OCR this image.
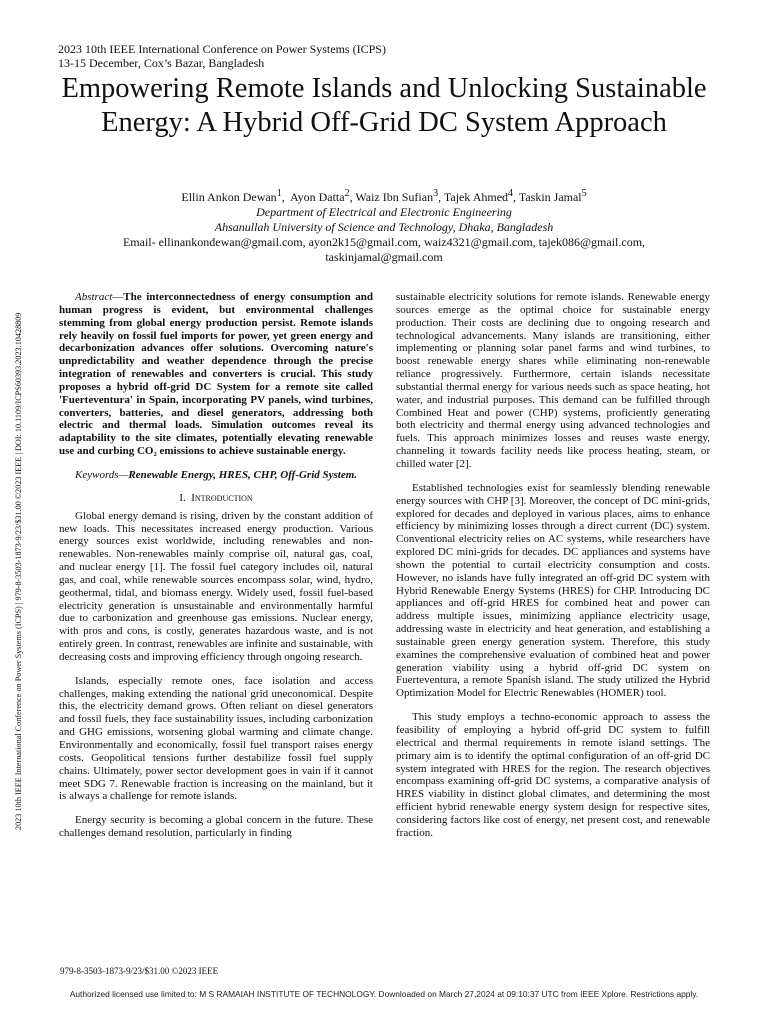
2023 10th IEEE International Conference on Power Systems (ICPS)
13-15 December, Cox’s Bazar, Bangladesh
Empowering Remote Islands and Unlocking Sustainable Energy: A Hybrid Off-Grid DC System Approach
Ellin Ankon Dewan$^1$,  Ayon Datta$^2$, Waiz Ibn Sufian$^3$, Tajek Ahmed$^4$, Taskin Jamal$^5$
Department of Electrical and Electronic Engineering
Ahsanullah University of Science and Technology, Dhaka, Bangladesh
Email- ellinankondewan@gmail.com, ayon2k15@gmail.com, waiz4321@gmail.com, tajek086@gmail.com,
taskinjamal@gmail.com
2023 10th IEEE International Conference on Power Systems (ICPS) | 979-8-3503-1873-9/23/$31.00 ©2023 IEEE | DOI: 10.1109/ICPS60393.2023.10428809

Abstract—The interconnectedness of energy consumption and human progress is evident, but environmental challenges stemming from global energy production persist. Remote islands rely heavily on fossil fuel imports for power, yet green energy and decarbonization advances offer solutions. Overcoming nature's unpredictability and weather dependence through the precise integration of renewables and converters is crucial. This study proposes a hybrid off-grid DC System for a remote site called 'Fuerteventura' in Spain, incorporating PV panels, wind turbines, converters, batteries, and diesel generators, addressing both electric and thermal loads. Simulation outcomes reveal its adaptability to the site climates, potentially elevating renewable use and curbing CO₂ emissions to achieve sustainable energy.

Keywords—Renewable Energy, HRES, CHP, Off-Grid System.

I. Introduction

Global energy demand is rising, driven by the constant addition of new loads. This necessitates increased energy production. Various energy sources exist worldwide, including renewables and non-renewables. Non-renewables mainly comprise oil, natural gas, coal, and nuclear energy [1]. The fossil fuel category includes oil, natural gas, and coal, while renewable sources encompass solar, wind, hydro, geothermal, tidal, and biomass energy. Widely used, fossil fuel-based electricity generation is unsustainable and environmentally harmful due to carbonization and greenhouse gas emissions. Nuclear energy, with pros and cons, is costly, generates hazardous waste, and is not entirely green. In contrast, renewables are infinite and sustainable, with decreasing costs and improving efficiency through ongoing research.

Islands, especially remote ones, face isolation and access challenges, making extending the national grid uneconomical. Despite this, the electricity demand grows. Often reliant on diesel generators and fossil fuels, they face sustainability issues, including carbonization and GHG emissions, worsening global warming and climate change. Environmentally and economically, fossil fuel transport raises energy costs. Geopolitical tensions further destabilize fossil fuel supply chains. Ultimately, power sector development goes in vain if it cannot meet SDG 7. Renewable fraction is increasing on the mainland, but it is always a challenge for remote islands.

Energy security is becoming a global concern in the future. These challenges demand resolution, particularly in finding

sustainable electricity solutions for remote islands. Renewable energy sources emerge as the optimal choice for sustainable energy production. Their costs are declining due to ongoing research and technological advancements. Many islands are transitioning, either implementing or planning solar panel farms and wind turbines, to boost renewable energy shares while eliminating non-renewable reliance progressively. Furthermore, certain islands necessitate substantial thermal energy for various needs such as space heating, hot water, and industrial purposes. This demand can be fulfilled through Combined Heat and power (CHP) systems, proficiently generating both electricity and thermal energy using advanced technologies and fuels. This approach minimizes losses and reuses waste energy, channeling it towards facility needs like process heating, steam, or chilled water [2].

Established technologies exist for seamlessly blending renewable energy sources with CHP [3]. Moreover, the concept of DC mini-grids, explored for decades and deployed in various places, aims to enhance efficiency by minimizing losses through a direct current (DC) system. Conventional electricity relies on AC systems, while researchers have explored DC mini-grids for decades. DC appliances and systems have shown the potential to curtail electricity consumption and costs. However, no islands have fully integrated an off-grid DC system with Hybrid Renewable Energy Systems (HRES) for CHP. Introducing DC appliances and off-grid HRES for combined heat and power can address multiple issues, minimizing appliance electricity usage, addressing waste in electricity and heat generation, and establishing a sustainable green energy generation system. Therefore, this study examines the comprehensive evaluation of combined heat and power generation viability using a hybrid off-grid DC system on Fuerteventura, a remote Spanish island. The study utilized the Hybrid Optimization Model for Electric Renewables (HOMER) tool.

This study employs a techno-economic approach to assess the feasibility of employing a hybrid off-grid DC system to fulfill electrical and thermal requirements in remote island settings. The primary aim is to identify the optimal configuration of an off-grid DC system integrated with HRES for the region. The research objectives encompass examining off-grid DC systems, a comparative analysis of HRES viability in distinct global climates, and determining the most efficient hybrid renewable energy system design for respective sites, considering factors like cost of energy, net present cost, and renewable fraction.

979-8-3503-1873-9/23/$31.00 ©2023 IEEE
Authorized licensed use limited to: M S RAMAIAH INSTITUTE OF TECHNOLOGY. Downloaded on March 27,2024 at 09:10:37 UTC from IEEE Xplore. Restrictions apply.
